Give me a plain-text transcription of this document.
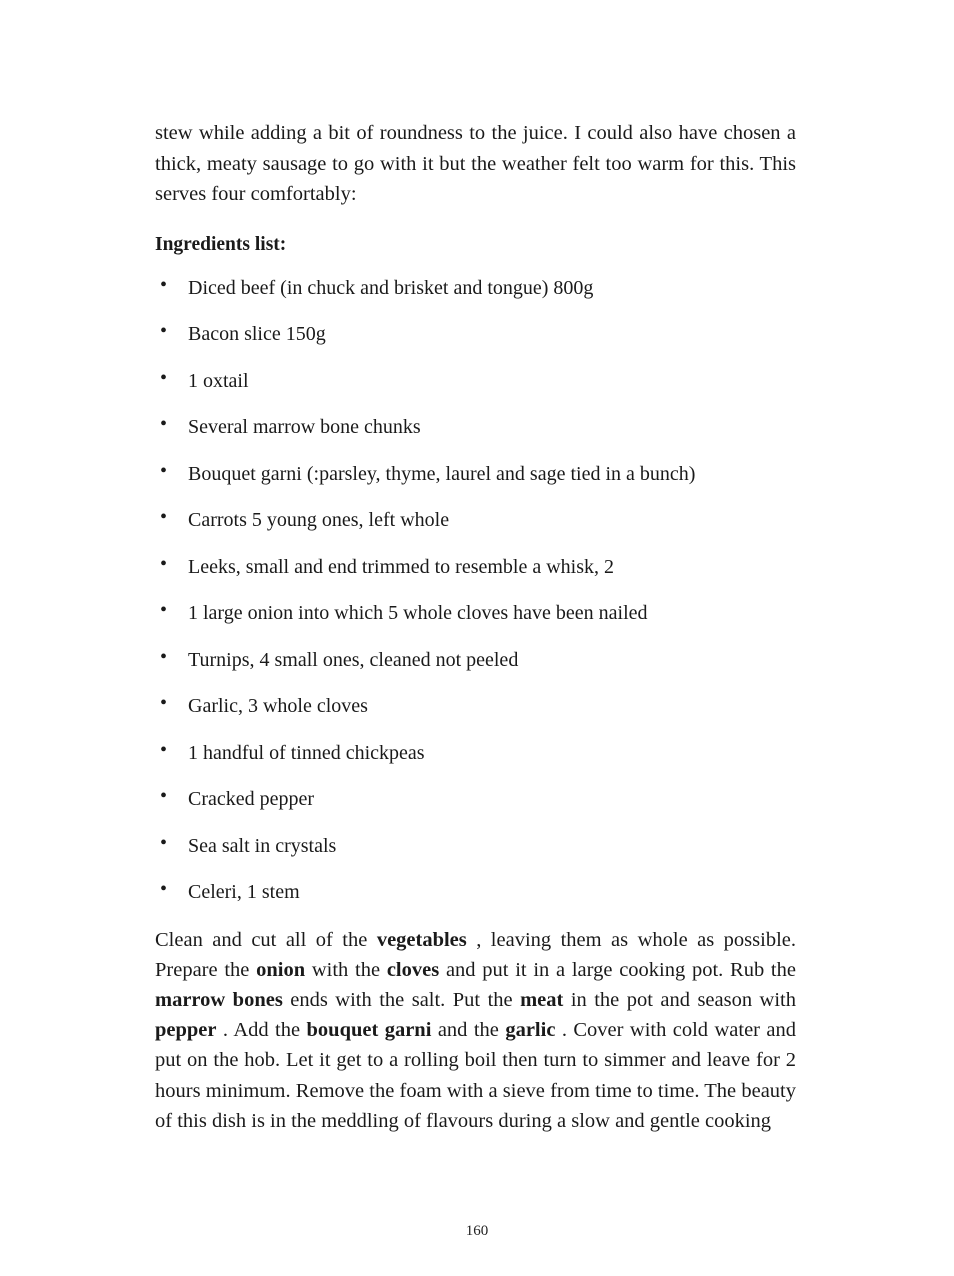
stew while adding a bit of roundness to the juice. I could also have chosen a thick, meaty sausage to go with it but the weather felt too warm for this. This serves four comfortably:

Ingredients list:
• Diced beef (in chuck and brisket and tongue) 800g
• Bacon slice 150g
• 1 oxtail
• Several marrow bone chunks
• Bouquet garni (:parsley, thyme, laurel and sage tied in a bunch)
• Carrots 5 young ones, left whole
• Leeks, small and end trimmed to resemble a whisk, 2
• 1 large onion into which 5 whole cloves have been nailed
• Turnips, 4 small ones, cleaned not peeled
• Garlic, 3 whole cloves
• 1 handful of tinned chickpeas
• Cracked pepper
• Sea salt in crystals
• Celeri, 1 stem

Clean and cut all of the vegetables , leaving them as whole as possible. Prepare the onion with the cloves and put it in a large cooking pot. Rub the marrow bones ends with the salt. Put the meat in the pot and season with pepper . Add the bouquet garni and the garlic . Cover with cold water and put on the hob. Let it get to a rolling boil then turn to simmer and leave for 2 hours minimum. Remove the foam with a sieve from time to time. The beauty of this dish is in the meddling of flavours during a slow and gentle cooking

160
